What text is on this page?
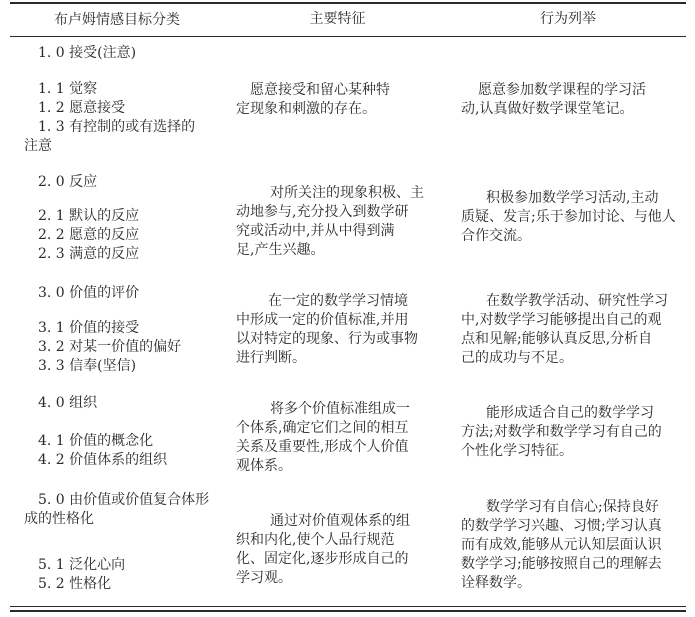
布卢姆情感目标分类	主要特征	行为列举
1. 0 接受(注意)
1. 1 觉察
1. 2 愿意接受
1. 3 有控制的或有选择的
注意
愿意接受和留心某种特
定现象和刺激的存在。
愿意参加数学课程的学习活
动,认真做好数学课堂笔记。
2. 0 反应
2. 1 默认的反应
2. 2 愿意的反应
2. 3 满意的反应
对所关注的现象积极、主
动地参与,充分投入到数学研
究或活动中,并从中得到满
足,产生兴趣。
积极参加数学学习活动,主动
质疑、发言;乐于参加讨论、与他人
合作交流。
3. 0 价值的评价
3. 1 价值的接受
3. 2 对某一价值的偏好
3. 3 信奉(坚信)
在一定的数学学习情境
中形成一定的价值标准,并用
以对特定的现象、行为或事物
进行判断。
在数学教学活动、研究性学习
中,对数学学习能够提出自己的观
点和见解;能够认真反思,分析自
己的成功与不足。
4. 0 组织
4. 1 价值的概念化
4. 2 价值体系的组织
将多个价值标准组成一
个体系,确定它们之间的相互
关系及重要性,形成个人价值
观体系。
能形成适合自己的数学学习
方法;对数学和数学学习有自己的
个性化学习特征。
5. 0 由价值或价值复合体形
成的性格化
5. 1 泛化心向
5. 2 性格化
通过对价值观体系的组
织和内化,使个人品行规范
化、固定化,逐步形成自己的
学习观。
数学学习有自信心;保持良好
的数学学习兴趣、习惯;学习认真
而有成效,能够从元认知层面认识
数学学习;能够按照自己的理解去
诠释数学。
